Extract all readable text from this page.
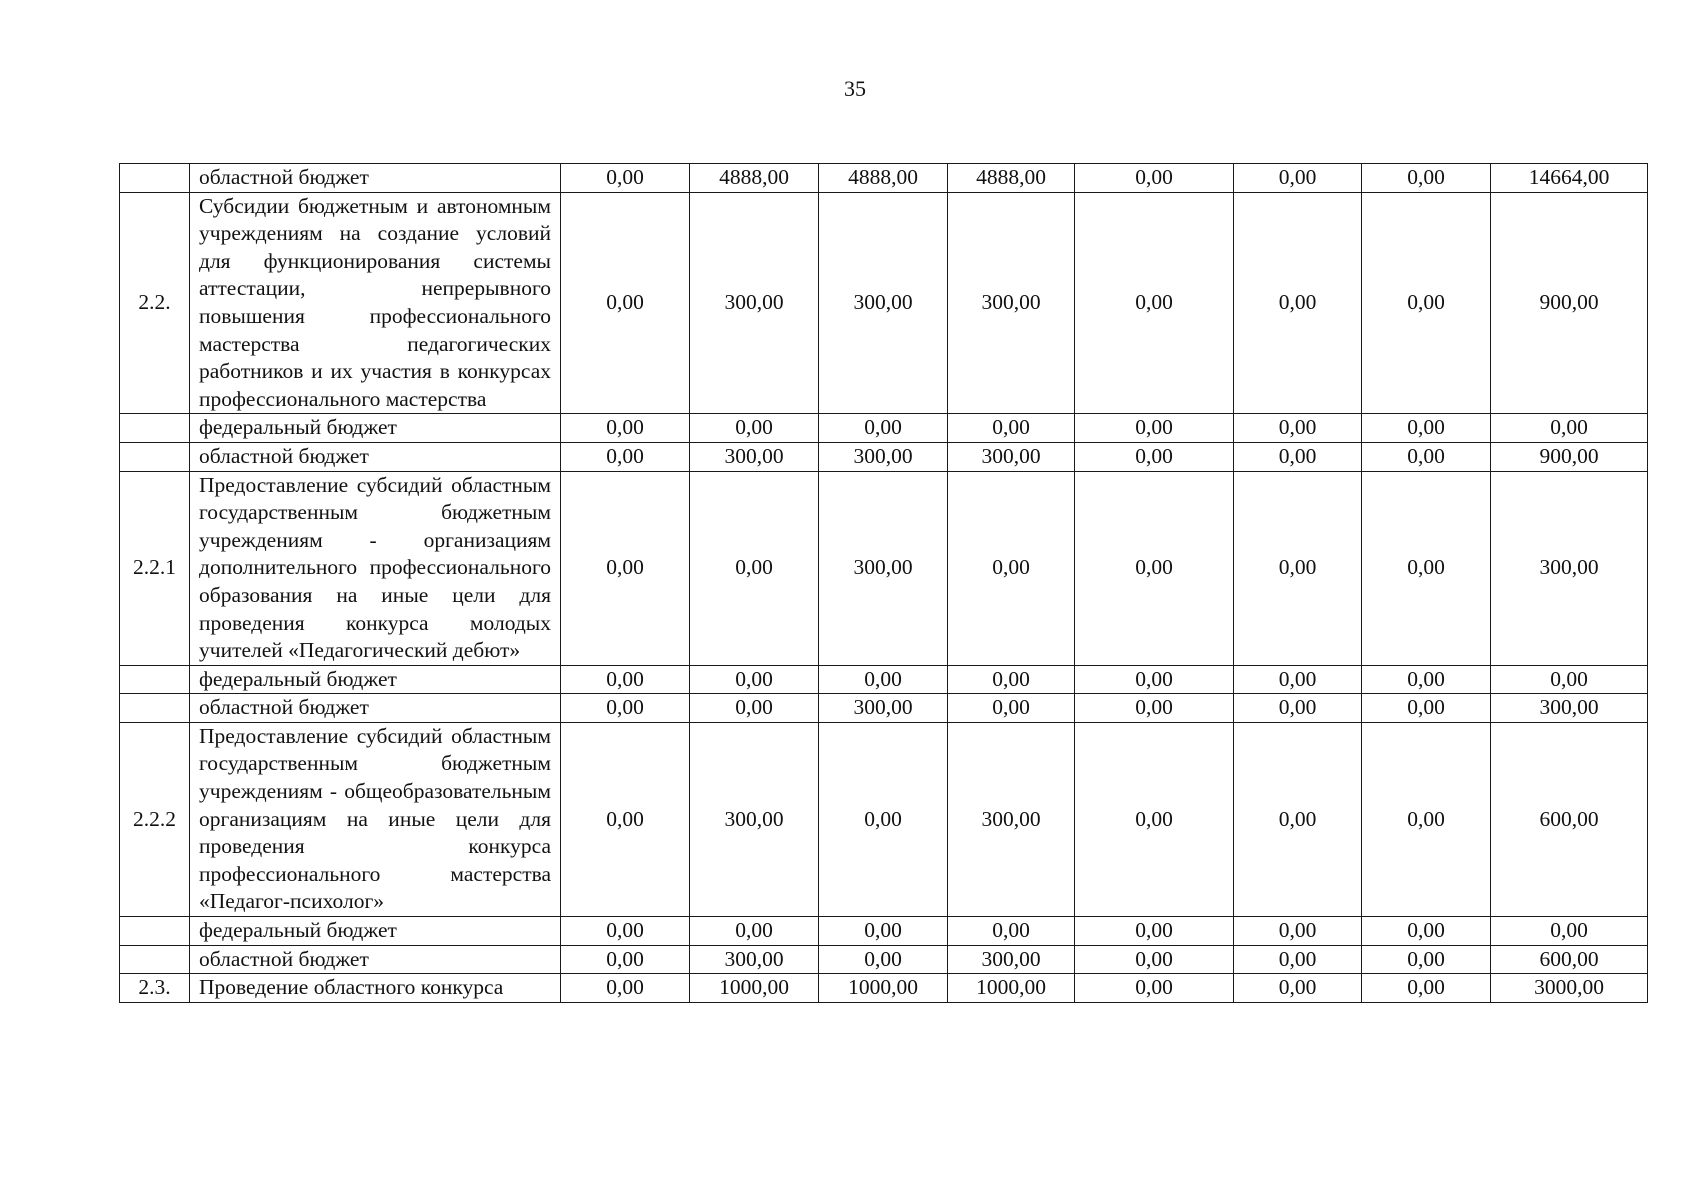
35
	областной бюджет	0,00	4888,00	4888,00	4888,00	0,00	0,00	0,00	14664,00
2.2.	Субсидии бюджетным и автономным учреждениям на создание условий для функционирования системы аттестации, непрерывного повышения профессионального мастерства педагогических работников и их участия в конкурсах профессионального мастерства	0,00	300,00	300,00	300,00	0,00	0,00	0,00	900,00
	федеральный бюджет	0,00	0,00	0,00	0,00	0,00	0,00	0,00	0,00
	областной бюджет	0,00	300,00	300,00	300,00	0,00	0,00	0,00	900,00
2.2.1	Предоставление субсидий областным государственным бюджетным учреждениям - организациям дополнительного профессионального образования на иные цели для проведения конкурса молодых учителей «Педагогический дебют»	0,00	0,00	300,00	0,00	0,00	0,00	0,00	300,00
	федеральный бюджет	0,00	0,00	0,00	0,00	0,00	0,00	0,00	0,00
	областной бюджет	0,00	0,00	300,00	0,00	0,00	0,00	0,00	300,00
2.2.2	Предоставление субсидий областным государственным бюджетным учреждениям - общеобразовательным организациям на иные цели для проведения конкурса профессионального мастерства «Педагог-психолог»	0,00	300,00	0,00	300,00	0,00	0,00	0,00	600,00
	федеральный бюджет	0,00	0,00	0,00	0,00	0,00	0,00	0,00	0,00
	областной бюджет	0,00	300,00	0,00	300,00	0,00	0,00	0,00	600,00
2.3.	Проведение областного конкурса	0,00	1000,00	1000,00	1000,00	0,00	0,00	0,00	3000,00
